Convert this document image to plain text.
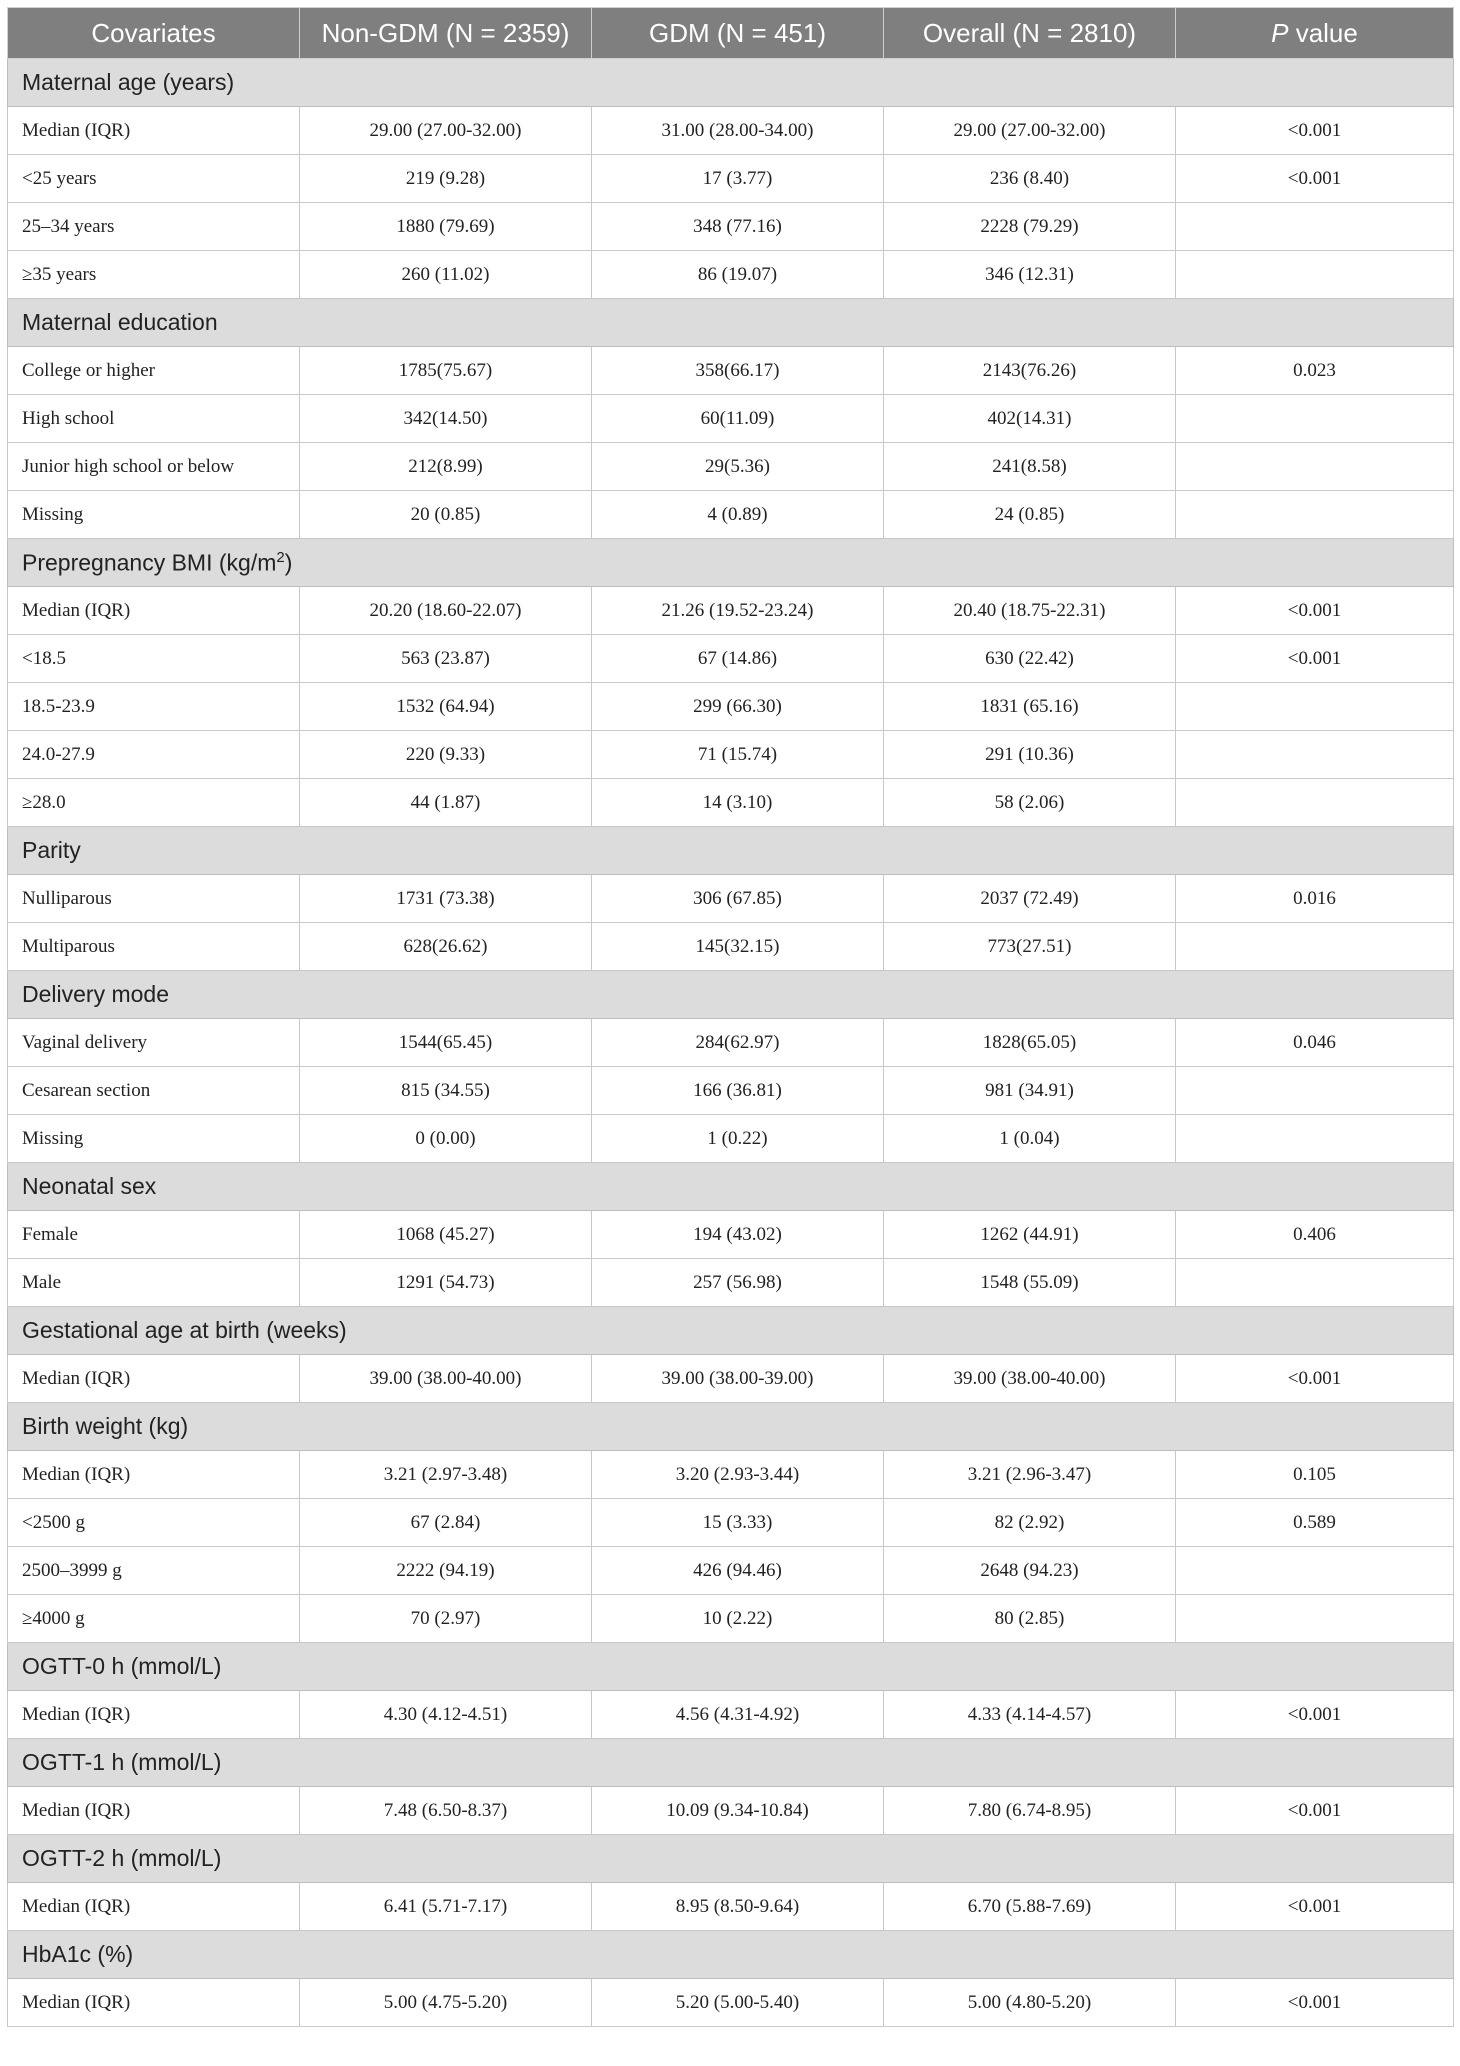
Covariates	Non-GDM (N = 2359)	GDM (N = 451)	Overall (N = 2810)	P value
Maternal age (years)				
Median (IQR)	29.00 (27.00-32.00)	31.00 (28.00-34.00)	29.00 (27.00-32.00)	<0.001
<25 years	219 (9.28)	17 (3.77)	236 (8.40)	<0.001
25–34 years	1880 (79.69)	348 (77.16)	2228 (79.29)	
≥35 years	260 (11.02)	86 (19.07)	346 (12.31)	
Maternal education				
College or higher	1785(75.67)	358(66.17)	2143(76.26)	0.023
High school	342(14.50)	60(11.09)	402(14.31)	
Junior high school or below	212(8.99)	29(5.36)	241(8.58)	
Missing	20 (0.85)	4 (0.89)	24 (0.85)	
Prepregnancy BMI $(kg/m^2)$				
Median (IQR)	20.20 (18.60-22.07)	21.26 (19.52-23.24)	20.40 (18.75-22.31)	<0.001
<18.5	563 (23.87)	67 (14.86)	630 (22.42)	<0.001
18.5-23.9	1532 (64.94)	299 (66.30)	1831 (65.16)	
24.0-27.9	220 (9.33)	71 (15.74)	291 (10.36)	
≥28.0	44 (1.87)	14 (3.10)	58 (2.06)	
Parity				
Nulliparous	1731 (73.38)	306 (67.85)	2037 (72.49)	0.016
Multiparous	628(26.62)	145(32.15)	773(27.51)	
Delivery mode				
Vaginal delivery	1544(65.45)	284(62.97)	1828(65.05)	0.046
Cesarean section	815 (34.55)	166 (36.81)	981 (34.91)	
Missing	0 (0.00)	1 (0.22)	1 (0.04)	
Neonatal sex				
Female	1068 (45.27)	194 (43.02)	1262 (44.91)	0.406
Male	1291 (54.73)	257 (56.98)	1548 (55.09)	
Gestational age at birth (weeks)				
Median (IQR)	39.00 (38.00-40.00)	39.00 (38.00-39.00)	39.00 (38.00-40.00)	<0.001
Birth weight (kg)				
Median (IQR)	3.21 (2.97-3.48)	3.20 (2.93-3.44)	3.21 (2.96-3.47)	0.105
<2500 g	67 (2.84)	15 (3.33)	82 (2.92)	0.589
2500–3999 g	2222 (94.19)	426 (94.46)	2648 (94.23)	
≥4000 g	70 (2.97)	10 (2.22)	80 (2.85)	
OGTT-0 h (mmol/L)				
Median (IQR)	4.30 (4.12-4.51)	4.56 (4.31-4.92)	4.33 (4.14-4.57)	<0.001
OGTT-1 h (mmol/L)				
Median (IQR)	7.48 (6.50-8.37)	10.09 (9.34-10.84)	7.80 (6.74-8.95)	<0.001
OGTT-2 h (mmol/L)				
Median (IQR)	6.41 (5.71-7.17)	8.95 (8.50-9.64)	6.70 (5.88-7.69)	<0.001
HbA1c (%)				
Median (IQR)	5.00 (4.75-5.20)	5.20 (5.00-5.40)	5.00 (4.80-5.20)	<0.001
